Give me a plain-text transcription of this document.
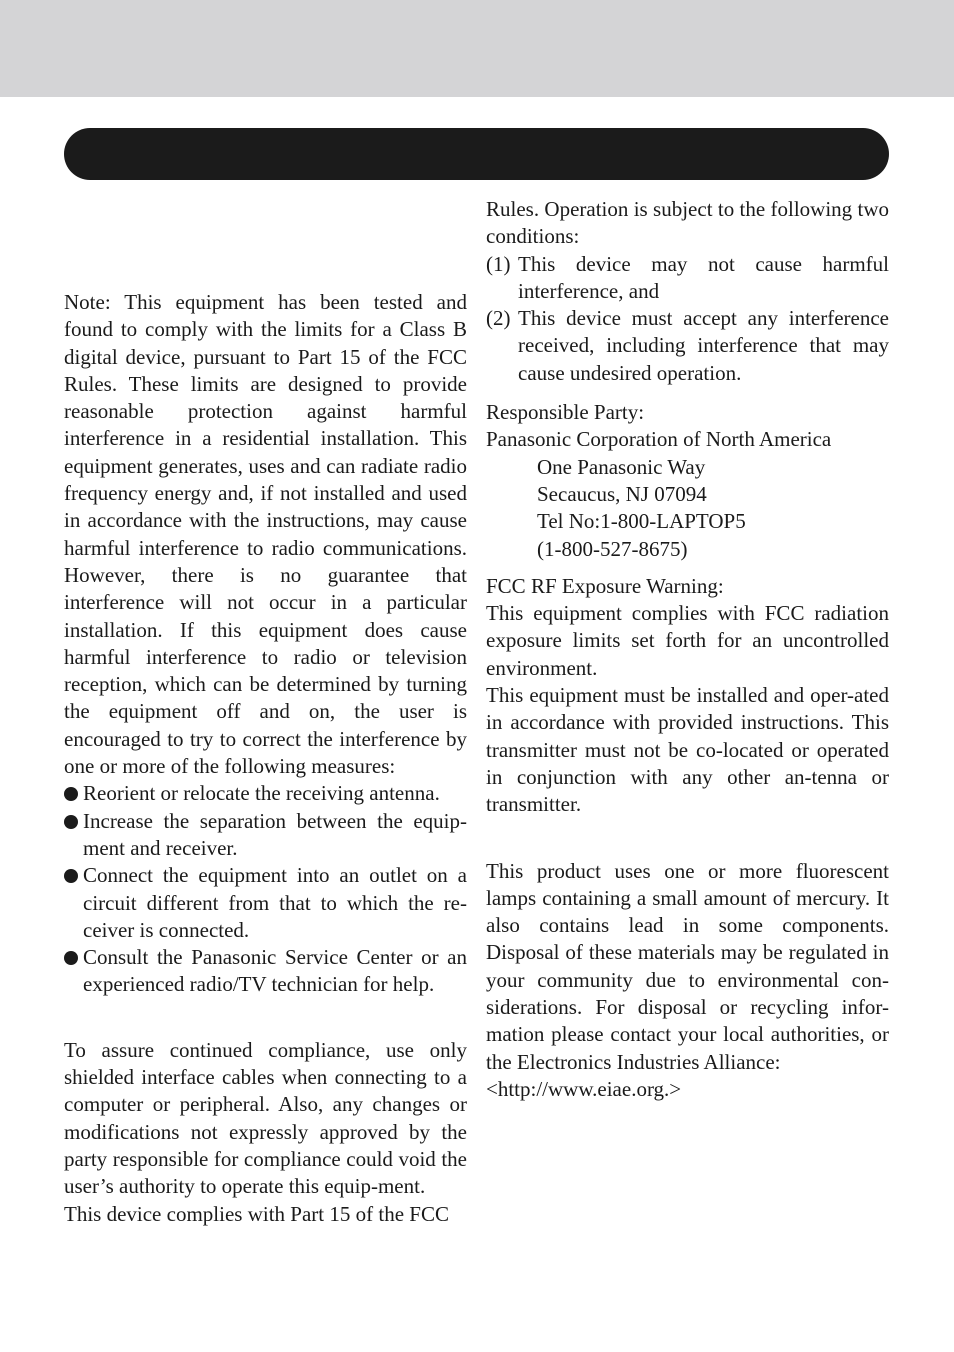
Note: This equipment has been tested and found to comply with the limits for a Class B digital device, pursuant to Part 15 of the FCC Rules. These limits are designed to provide reasonable protection against harmful interference in a residential installation. This equipment generates, uses and can radiate radio frequency energy and, if not installed and used in accordance with the instructions, may cause harmful interference to radio communications. However, there is no guarantee that interference will not occur in a particular installation. If this equipment does cause harmful interference to radio or television reception, which can be determined by turning the equipment off and on, the user is encouraged to try to correct the interference by one or more of the following measures:

Reorient or relocate the receiving antenna.
Increase the separation between the equip-ment and receiver.
Connect the equipment into an outlet on a circuit different from that to which the re-ceiver is connected.
Consult the Panasonic Service Center or an experienced radio/TV technician for help.

To assure continued compliance, use only shielded interface cables when connecting to a computer or peripheral. Also, any changes or modifications not expressly approved by the party responsible for compliance could void the user’s authority to operate this equip-ment.

This device complies with Part 15 of the FCC

Rules. Operation is subject to the following two conditions:

(1) This device may not cause harmful interference, and
(2) This device must accept any interference received, including interference that may cause undesired operation.
Responsible Party:
Panasonic Corporation of North America
One Panasonic Way
Secaucus, NJ 07094
Tel No:1-800-LAPTOP5
(1-800-527-8675)
FCC RF Exposure Warning:

This equipment complies with FCC radiation exposure limits set forth for an uncontrolled environment.

This equipment must be installed and oper-ated in accordance with provided instructions. This transmitter must not be co-located or operated in conjunction with any other an-tenna or transmitter.

This product uses one or more fluorescent lamps containing a small amount of mercury. It also contains lead in some components. Disposal of these materials may be regulated in your community due to environmental con-siderations. For disposal or recycling infor-mation please contact your local authorities, or the Electronics Industries Alliance:

<http://www.eiae.org.>
